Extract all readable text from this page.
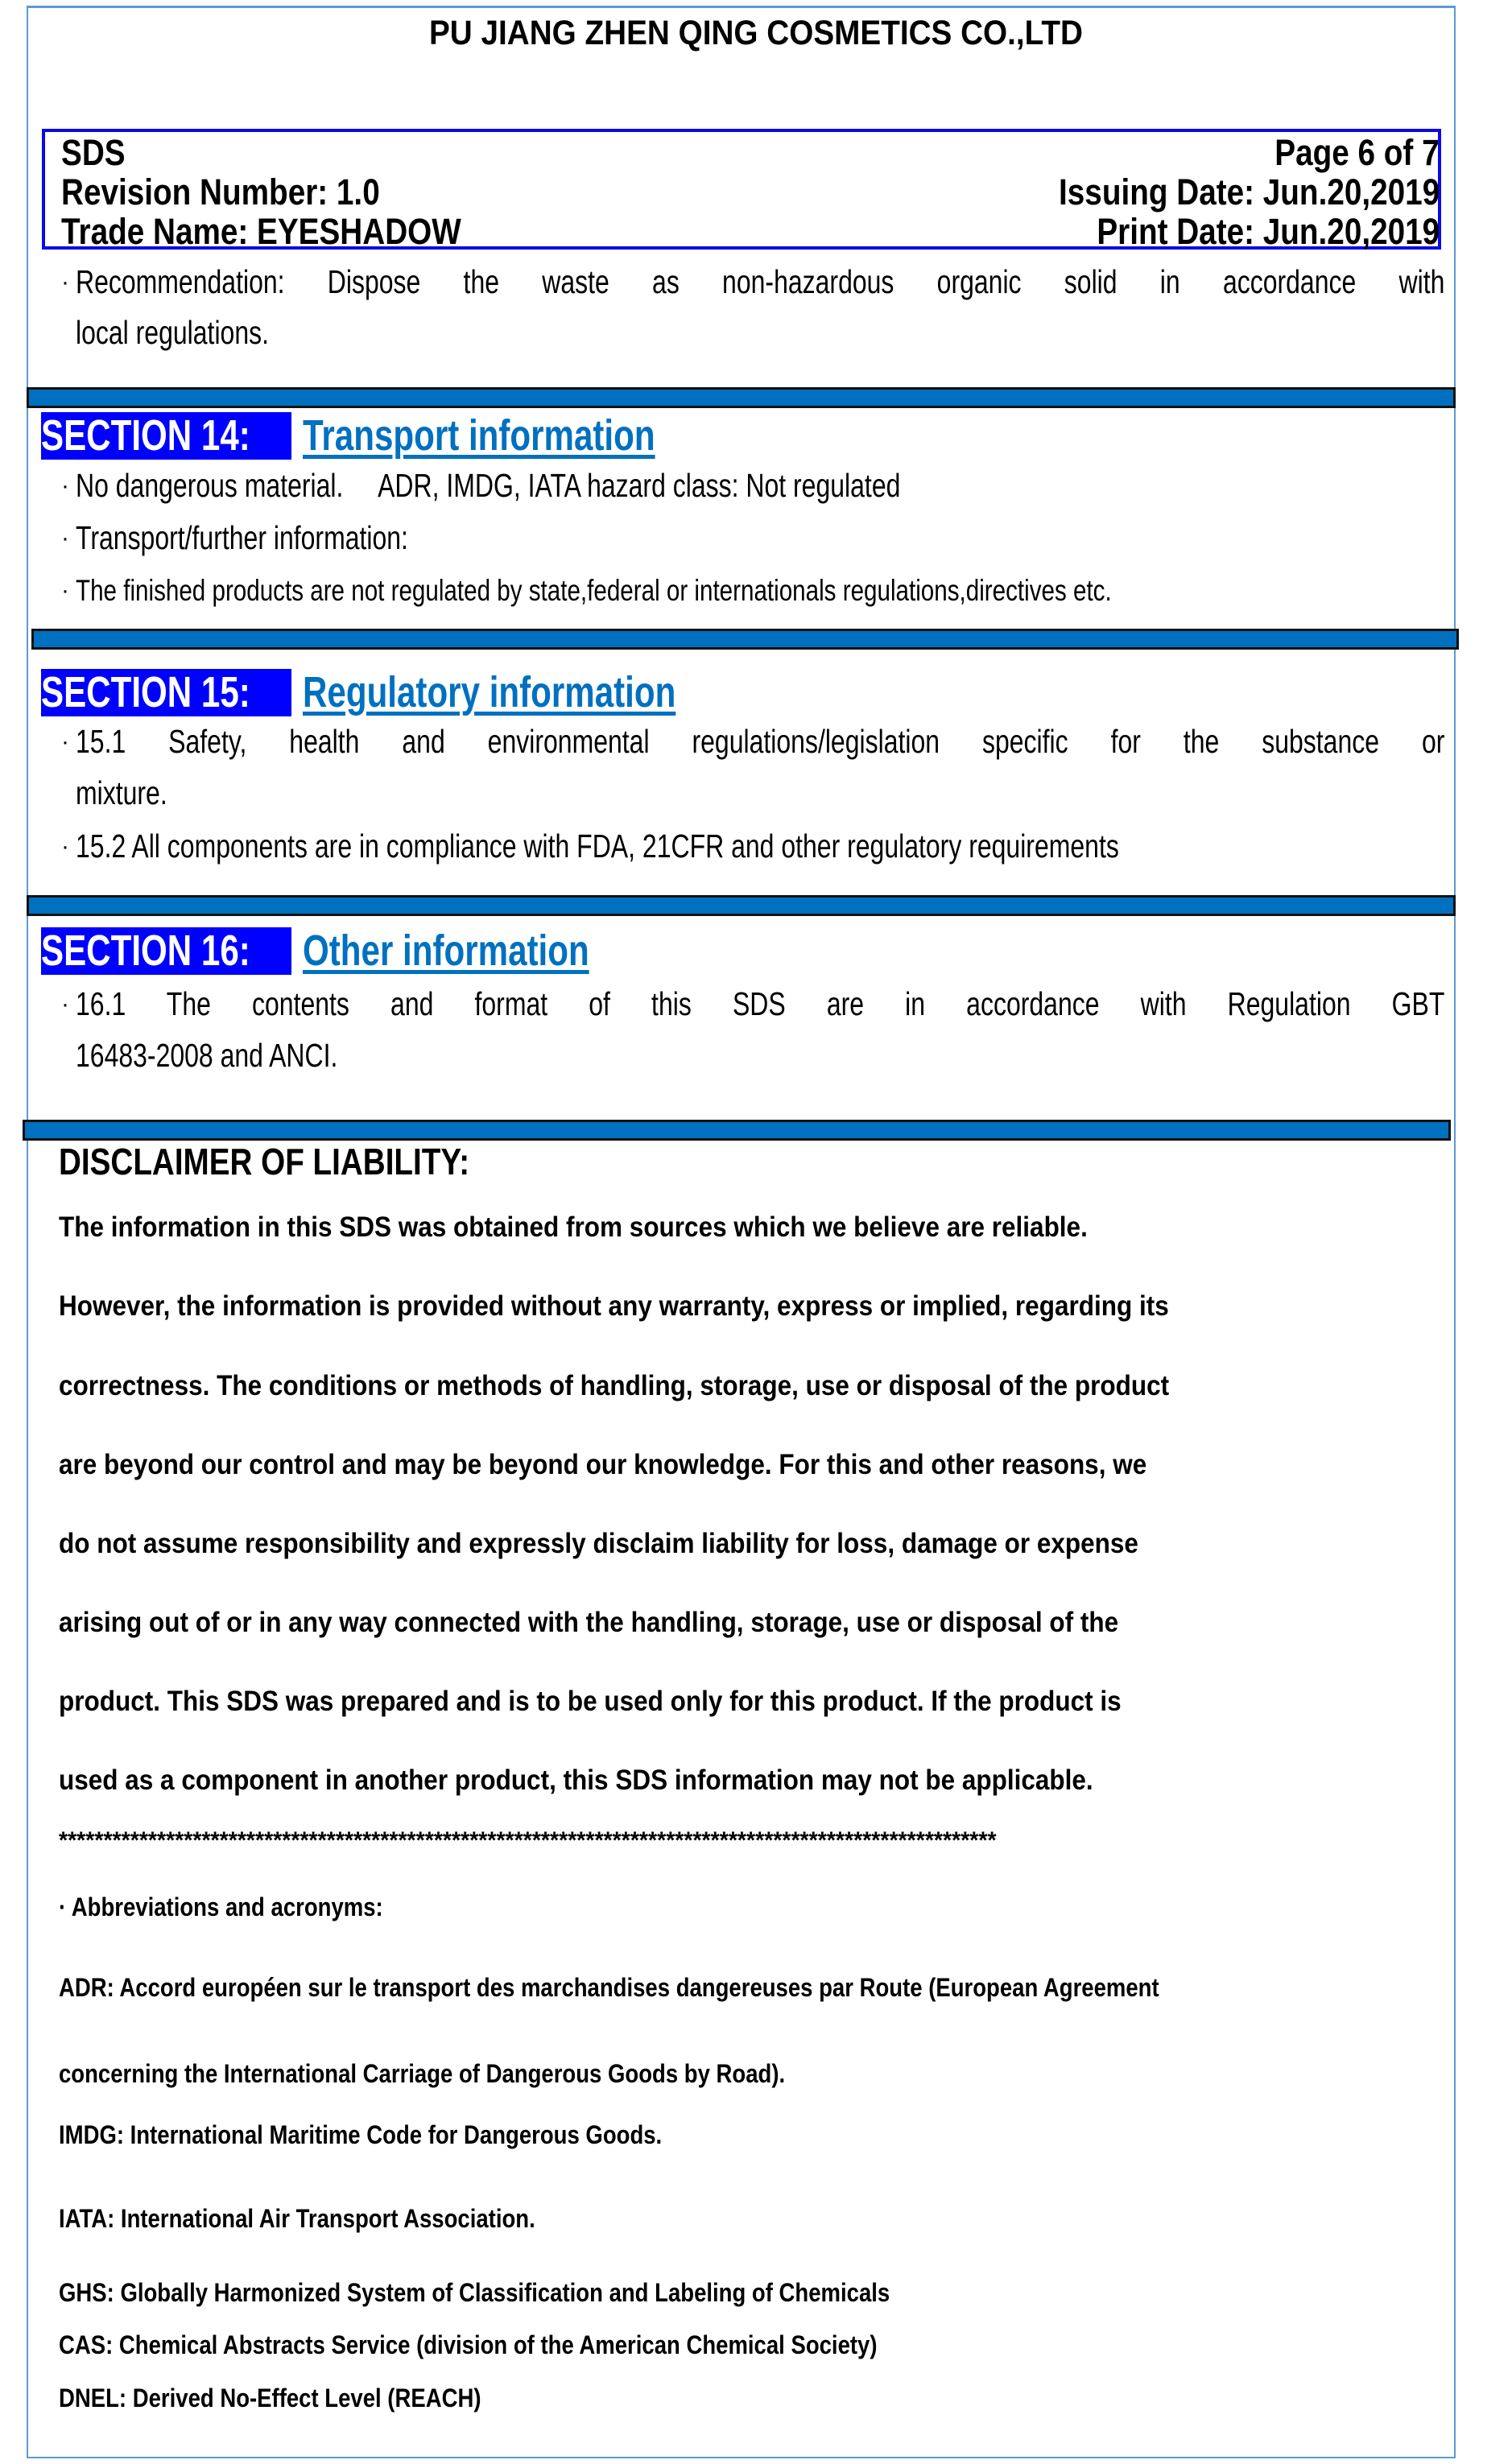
PU JIANG ZHEN QING COSMETICS CO.,LTD
SDS
Revision Number: 1.0
Trade Name: EYESHADOW
Page 6 of 7
Issuing Date: Jun.20,2019
Print Date: Jun.20,2019
· Recommendation: Dispose the waste as non-hazardous organic solid in accordance with
local regulations.
SECTION 14: Transport information
· No dangerous material.     ADR, IMDG, IATA hazard class: Not regulated
· Transport/further information:
· The finished products are not regulated by state,federal or internationals regulations,directives etc.
SECTION 15: Regulatory information
· 15.1 Safety, health and environmental regulations/legislation specific for the substance or
mixture.
· 15.2 All components are in compliance with FDA, 21CFR and other regulatory requirements
SECTION 16: Other information
· 16.1 The contents and format of this SDS are in accordance with Regulation GBT
16483-2008 and ANCI.
DISCLAIMER OF LIABILITY:
The information in this SDS was obtained from sources which we believe are reliable.
However, the information is provided without any warranty, express or implied, regarding its
correctness. The conditions or methods of handling, storage, use or disposal of the product
are beyond our control and may be beyond our knowledge. For this and other reasons, we
do not assume responsibility and expressly disclaim liability for loss, damage or expense
arising out of or in any way connected with the handling, storage, use or disposal of the
product. This SDS was prepared and is to be used only for this product. If the product is
used as a component in another product, this SDS information may not be applicable.
*********************************************************************************************************
· Abbreviations and acronyms:
ADR: Accord européen sur le transport des marchandises dangereuses par Route (European Agreement
concerning the International Carriage of Dangerous Goods by Road).
IMDG: International Maritime Code for Dangerous Goods.
IATA: International Air Transport Association.
GHS: Globally Harmonized System of Classification and Labeling of Chemicals
CAS: Chemical Abstracts Service (division of the American Chemical Society)
DNEL: Derived No-Effect Level (REACH)
